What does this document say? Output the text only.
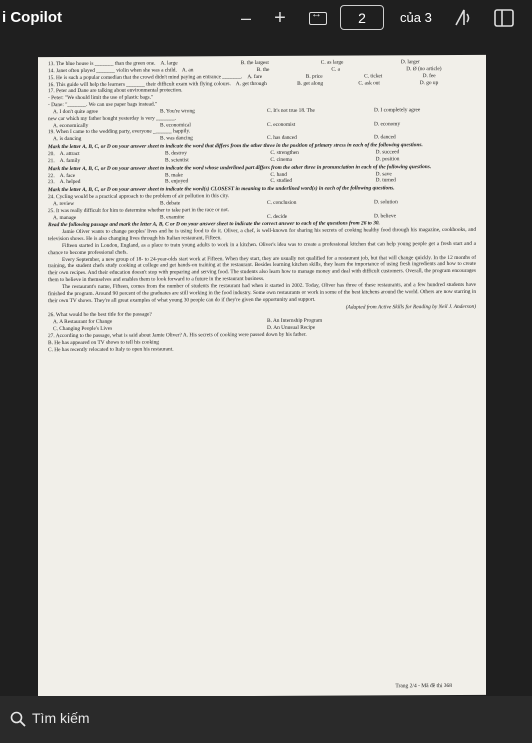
i Copilot	–	+
↔	2	của 3
13. The blue house is _______ than the green one. A. large	B. the largest	C. as large	D. larger
14. Janet often played _______ violin when she was a child. A. an	B. the	C. a	D. Ø (no article)
15. He is such a popular comedian that the crowd didn't mind paying an entrance _______. A. fare	B. price	C. ticket	D. fee
16. This guide will help the learners _______ their difficult exam with flying colours. A. get through	B. get along	C. ask out	D. go up
17. Peter and Dane are talking about environmental protection.
- Peter: "We should limit the use of plastic bags."
- Dane: "_______. We can use paper bags instead."
A. I don't quite agree	B. You're wrong	C. It's not true 18. The	D. I completely agree
new car which my father bought yesterday is very _______.
A. economically	B. economical	C. economist	D. economy
19. When I came to the wedding party, everyone _______ happily.
A. is dancing	B. was dancing	C. has danced	D. danced
Mark the letter A, B, C, or D on your answer sheet to indicate the word that differs from the other three in the position of primary stress in each of the following questions.
20. A. attract	B. destroy	C. strengthen	D. succeed
21. A. family	B. scientist	C. cinema	D. position
Mark the letter A, B, C, or D on your answer sheet to indicate the word whose underlined part differs from the other three in pronunciation in each of the following questions.
22. A. face	B. make	C. hand	D. save
23. A. helped	B. enjoyed	C. studied	D. turned
Mark the letter A, B, C, or D on your answer sheet to indicate the word(s) CLOSEST in meaning to the underlined word(s) in each of the following questions.
24. Cycling would be a practical approach to the problem of air pollution in this city.
A. review	B. debate	C. conclusion	D. solution
25. It was really difficult for him to determine whether to take part in the race or not.
A. manage	B. examine	C. decide	D. believe
Read the following passage and mark the letter A, B, C or D on your answer sheet to indicate the correct answer to each of the questions from 26 to 30.

Jamie Oliver wants to change peoples' lives and he is using food to do it. Oliver, a chef, is well-known for sharing his secrets of cooking healthy food through his magazine, cookbooks, and television shows. He is also changing lives through his Italian restaurant, Fifteen.

Fifteen started in London, England, as a place to train young adults to work in a kitchen. Oliver's idea was to create a professional kitchen that can help young people get a fresh start and a chance to become professional chefs.

Every September, a new group of 18- to 24-year-olds start work at Fifteen. When they start, they are usually not qualified for a restaurant job, but that will change quickly. In the 12 months of training, the student chefs study cooking at college and get hands-on training at the restaurant. Besides learning kitchen skills, they learn the importance of using fresh ingredients and how to create their own recipes. And their education doesn't stop with preparing and serving food. The students also learn how to manage money and deal with difficult customers. Overall, the program encourages them to believe in themselves and enables them to look forward to a future in the restaurant business.

The restaurant's name, Fifteen, comes from the number of students the restaurant had when it started in 2002. Today, Oliver has three of these restaurants, and a few hundred students have finished the program. Around 90 percent of the graduates are still working in the food industry. Some own restaurants or work in some of the best kitchens around the world. Others are now starring in their own TV shows. They're all great examples of what young 30 people can do if they're given the opportunity and support.

(Adapted from Active Skills for Reading by Neil J. Anderson)
26. What would be the best title for the passage?
A. A Restaurant for Change	B. An Internship Program
C. Changing People's Lives	D. An Unusual Recipe
27. According to the passage, what is said about Jamie Oliver? A. His secrets of cooking were passed down by his father.
B. He has appeared on TV shows to tell his cooking
C. He has recently relocated to Italy to open his restaurant.
Trang 2/4 - Mã đề thi 368
Tìm kiếm
